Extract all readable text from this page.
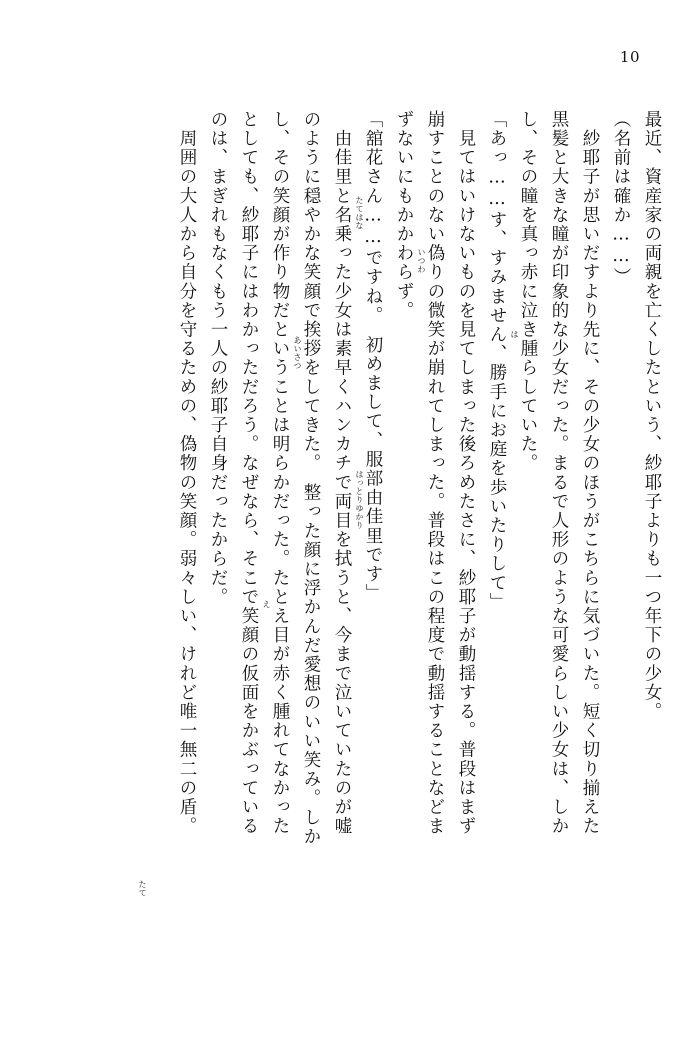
10
最近、資産家の両親を亡くしたという、紗耶子よりも一つ年下の少女。
（名前は確か……）
　紗耶子が思いだすより先に、その少女のほうがこちらに気づいた。短く切り揃えた
黒髪と大きな瞳が印象的な少女だった。まるで人形のような可愛らしい少女は、しか
し、その瞳を真っ赤に泣き腫らしていた。
「あっ……す、すみません、勝手にお庭を歩いたりして」
　見てはいけないものを見てしまった後ろめたさに、紗耶子が動揺する。普段はまず
崩すことのない偽りの微笑が崩れてしまった。普段はこの程度で動揺することなどま
ずないにもかかわらず。
「舘花さん……ですね。　初めまして、服部由佳里です」
　由佳里と名乗った少女は素早くハンカチで両目を拭うと、今まで泣いていたのが嘘
のように穏やかな笑顔で挨拶をしてきた。　整った顔に浮かんだ愛想のいい笑み。しか
し、その笑顔が作り物だということは明らかだった。たとえ目が赤く腫れてなかった
としても、紗耶子にはわかっただろう。なぜなら、そこで笑顔の仮面をかぶっている
のは、まぎれもなくもう一人の紗耶子自身だったからだ。
　周囲の大人から自分を守るための、偽物の笑顔。弱々しい、けれど唯一無二の盾。	は
いつわ
たてはな
はっとりゆかり
あいさつ
え
たて
